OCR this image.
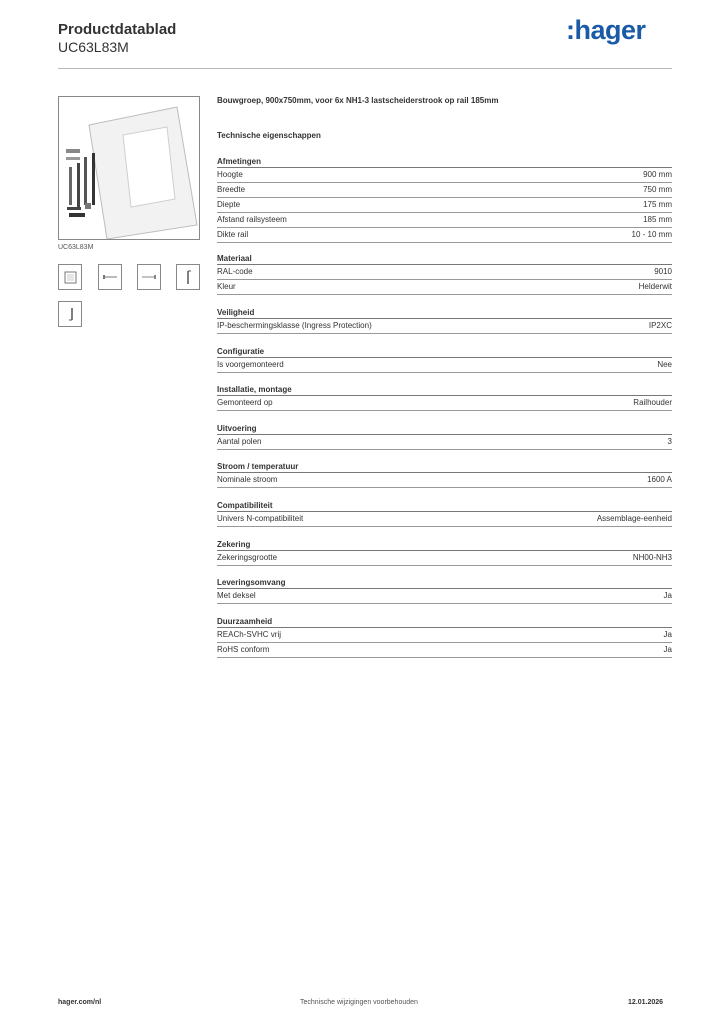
Productdatablad
UC63L83M
:hager
UC63L83M
Bouwgroep, 900x750mm, voor 6x NH1-3 lastscheiderstrook op rail 185mm
Technische eigenschappen
Afmetingen
Hoogte	900 mm
Breedte	750 mm
Diepte	175 mm
Afstand railsysteem	185 mm
Dikte rail	10 - 10 mm
Materiaal
RAL-code	9010
Kleur	Helderwit
Veiligheid
IP-beschermingsklasse (Ingress Protection)	IP2XC
Configuratie
Is voorgemonteerd	Nee
Installatie, montage
Gemonteerd op	Railhouder
Uitvoering
Aantal polen	3
Stroom / temperatuur
Nominale stroom	1600 A
Compatibiliteit
Univers N-compatibiliteit	Assemblage-eenheid
Zekering
Zekeringsgrootte	NH00-NH3
Leveringsomvang
Met deksel	Ja
Duurzaamheid
REACh-SVHC vrij	Ja
RoHS conform	Ja
hager.com/nl	Technische wijzigingen voorbehouden	12.01.2026
